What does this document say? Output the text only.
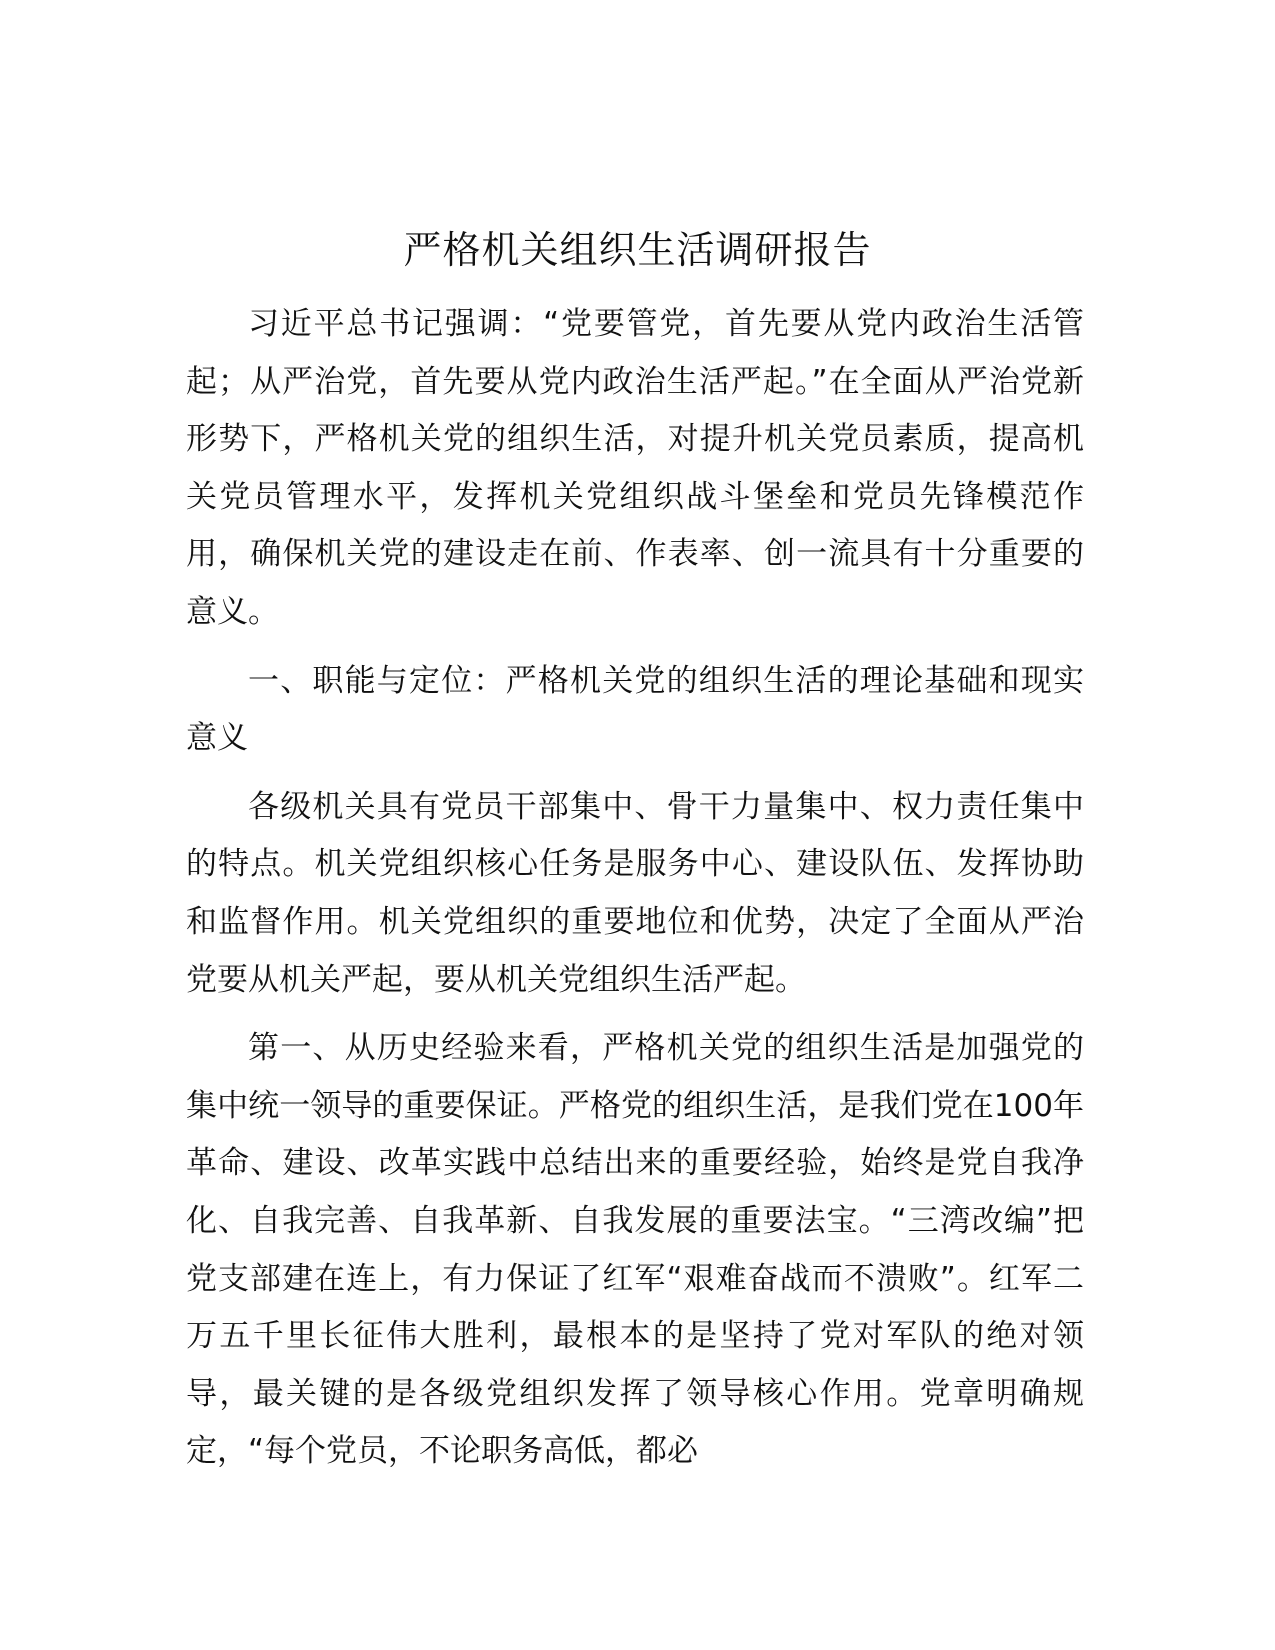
严格机关组织生活调研报告

习近平总书记强调：“党要管党，首先要从党内政治生活管起；从严治党，首先要从党内政治生活严起。”在全面从严治党新形势下，严格机关党的组织生活，对提升机关党员素质，提高机关党员管理水平，发挥机关党组织战斗堡垒和党员先锋模范作用，确保机关党的建设走在前、作表率、创一流具有十分重要的意义。

一、职能与定位：严格机关党的组织生活的理论基础和现实意义

各级机关具有党员干部集中、骨干力量集中、权力责任集中的特点。机关党组织核心任务是服务中心、建设队伍、发挥协助和监督作用。机关党组织的重要地位和优势，决定了全面从严治党要从机关严起，要从机关党组织生活严起。

第一、从历史经验来看，严格机关党的组织生活是加强党的集中统一领导的重要保证。严格党的组织生活，是我们党在100年革命、建设、改革实践中总结出来的重要经验，始终是党自我净化、自我完善、自我革新、自我发展的重要法宝。“三湾改编”把党支部建在连上，有力保证了红军“艰难奋战而不溃败”。红军二万五千里长征伟大胜利，最根本的是坚持了党对军队的绝对领导，最关键的是各级党组织发挥了领导核心作用。党章明确规定，“每个党员，不论职务高低，都必
